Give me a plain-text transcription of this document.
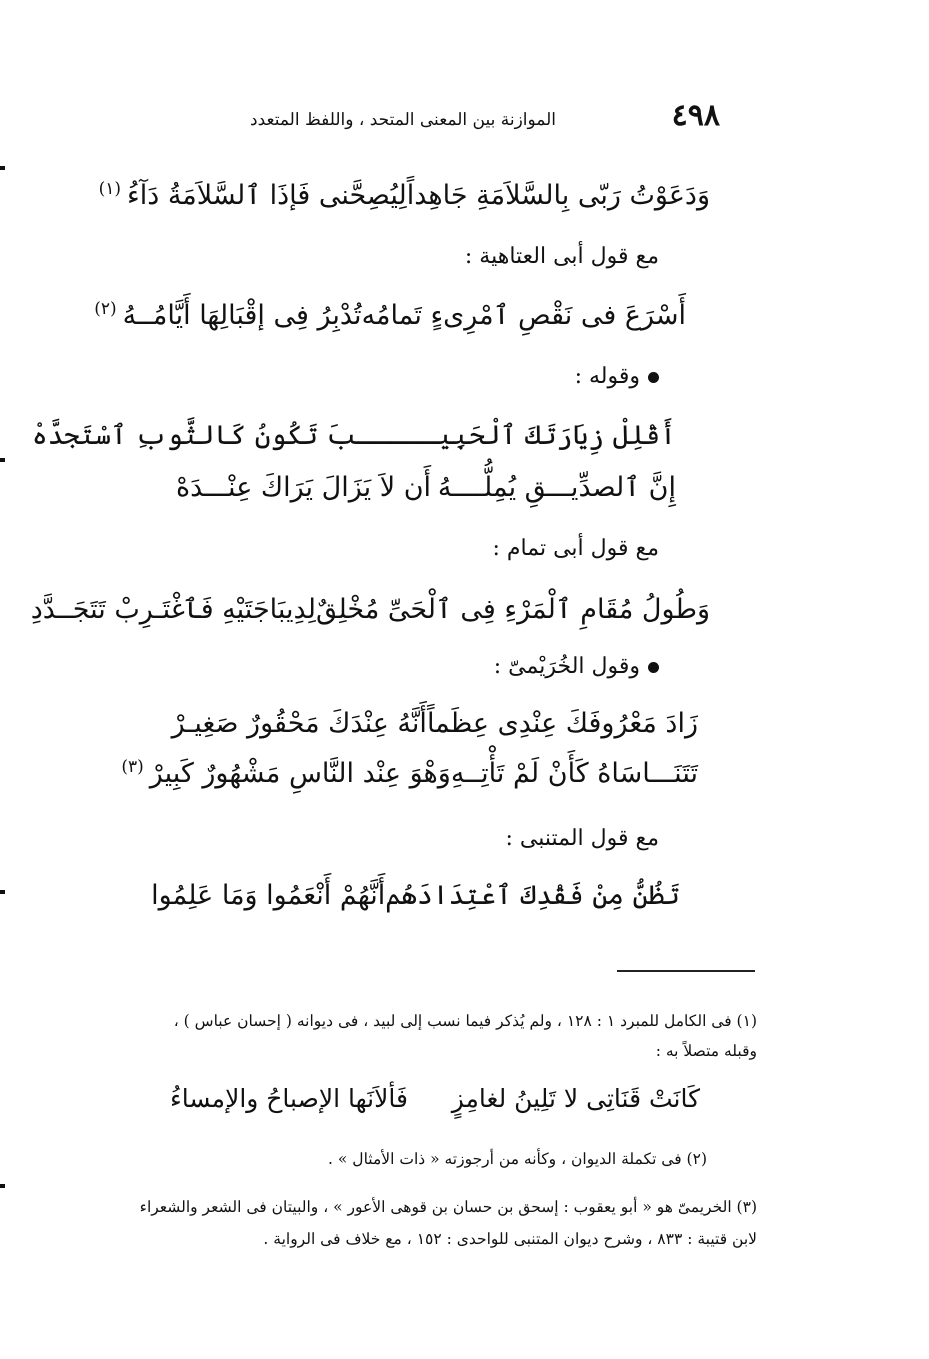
٤٩٨
الموازنة بين المعنى المتحد ، واللفظ المتعدد
وَدَعَوْتُ رَبّى بِالسَّلاَمَةِ جَاهِداً
لِيُصِحَّنى فَإذَا ٱلسَّلاَمَةُ دَآءُ$^{(١)}$
مع قول أبى العتاهية :
أَسْرَعَ فى نَقْصِ ٱمْرِىءٍ تَمامُه
تُدْبِرُ فِى إقْبَالِهَا أَيَّامُــهُ$^{(٢)}$
وقوله :
أَقْلِلْ زِيَارَتَكَ ٱلْحَبِيــــ
ـبَ تَكُونُ كَالثَّوبِ ٱسْتَجدَّهْ
إِنَّ ٱلصدِّيـــقِ يُمِلُّــــهُ
أَن لاَ يَزَالَ يَرَاكَ عِنْـــدَهْ
مع قول أبى تمام :
وَطُولُ مُقَامِ ٱلْمَرْءِ فِى ٱلْحَىِّ مُخْلِقٌ
لِدِيبَاجَتَيْهِ فَٱغْتَـرِبْ تَتَجَــدَّدِ
وقول الخُرَيْمىّ :
زَادَ مَعْرُوفَكَ عِنْدِى عِظَماً
أَنَّهُ عِنْدَكَ مَحْقُورٌ صَغِيـرْ
تَتَنَـــاسَاهُ كَأَنْ لَمْ تَأْتِــهِ
وَهْوَ عِنْد النَّاسِ مَشْهُورٌ كَبِيرْ$^{(٣)}$
مع قول المتنبى :
تَظُنُّ مِنْ فَقْدِكَ ٱعْتِدَادَهُم
أَنَّهُمْ أَنْعَمُوا وَمَا عَلِمُوا
(١) فى الكامل للمبرد ١ : ١٢٨ ، ولم يُذكر فيما نسب إلى لبيد ، فى ديوانه ( إحسان عباس ) ،
وقبله متصلاً به :
كَانَتْ قَنَاتِى لا تَلِينُ لغامِزٍ
فَألاَنَها الإصباحُ والإمساءُ
(٢) فى تكملة الديوان ، وكأنه من أرجوزته « ذات الأمثال » .
(٣) الخريمىّ هو « أبو يعقوب : إسحق بن حسان بن قوهى الأعور » ، والبيتان فى الشعر والشعراء
لابن قتيبة : ٨٣٣ ، وشرح ديوان المتنبى للواحدى : ١٥٢ ، مع خلاف فى الرواية .
